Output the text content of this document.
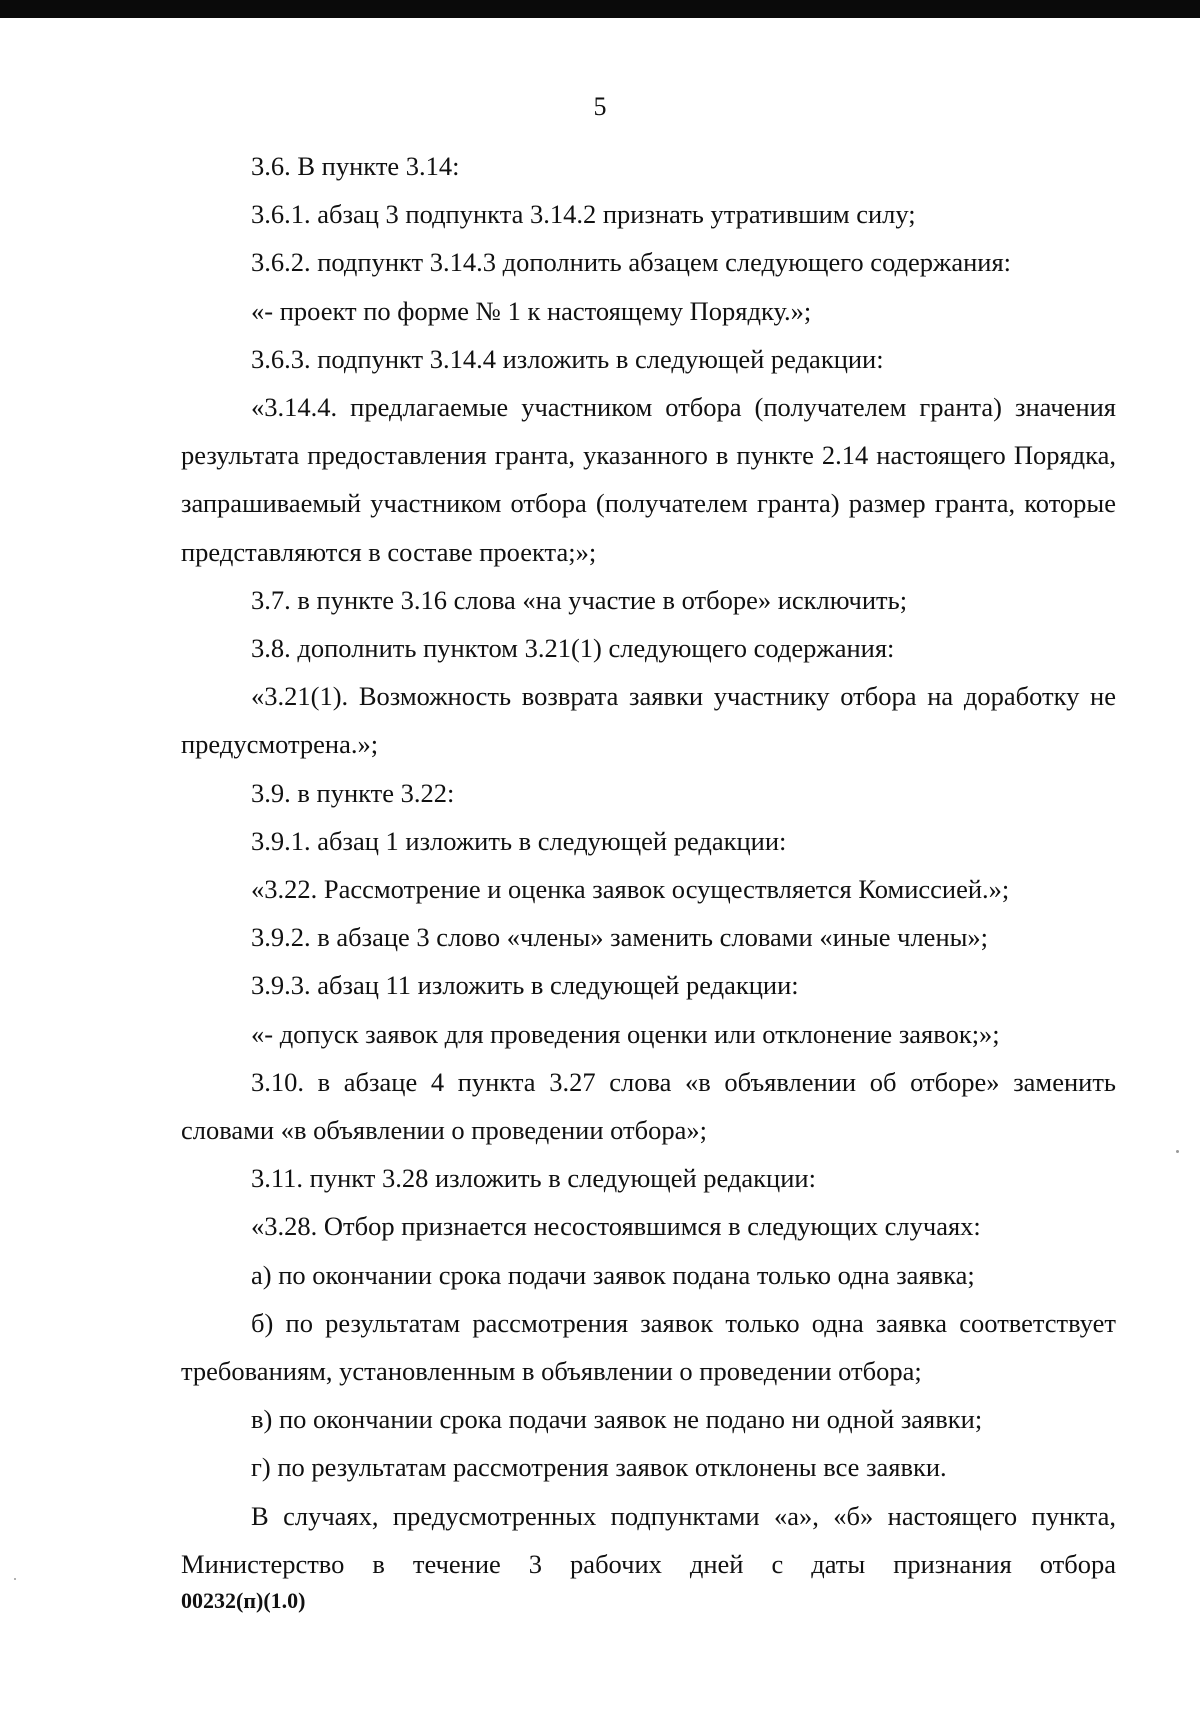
5

3.6. В пункте 3.14:

3.6.1. абзац 3 подпункта 3.14.2 признать утратившим силу;

3.6.2. подпункт 3.14.3 дополнить абзацем следующего содержания:

«- проект по форме № 1 к настоящему Порядку.»;

3.6.3. подпункт 3.14.4 изложить в следующей редакции:

«3.14.4. предлагаемые участником отбора (получателем гранта) значения результата предоставления гранта, указанного в пункте 2.14 настоящего Порядка, запрашиваемый участником отбора (получателем гранта) размер гранта, которые представляются в составе проекта;»;

3.7. в пункте 3.16 слова «на участие в отборе» исключить;

3.8. дополнить пунктом 3.21(1) следующего содержания:

«3.21(1). Возможность возврата заявки участнику отбора на доработку не предусмотрена.»;

3.9. в пункте 3.22:

3.9.1. абзац 1 изложить в следующей редакции:

«3.22. Рассмотрение и оценка заявок осуществляется Комиссией.»;

3.9.2. в абзаце 3 слово «члены» заменить словами «иные члены»;

3.9.3. абзац 11 изложить в следующей редакции:

«- допуск заявок для проведения оценки или отклонение заявок;»;

3.10. в абзаце 4 пункта 3.27 слова «в объявлении об отборе» заменить словами «в объявлении о проведении отбора»;

3.11. пункт 3.28 изложить в следующей редакции:

«3.28. Отбор признается несостоявшимся в следующих случаях:

а) по окончании срока подачи заявок подана только одна заявка;

б) по результатам рассмотрения заявок только одна заявка соответствует требованиям, установленным в объявлении о проведении отбора;

в) по окончании срока подачи заявок не подано ни одной заявки;

г) по результатам рассмотрения заявок отклонены все заявки.

В случаях, предусмотренных подпунктами «а», «б» настоящего пункта, Министерство в течение 3 рабочих дней с даты признания отбора

00232(п)(1.0)
